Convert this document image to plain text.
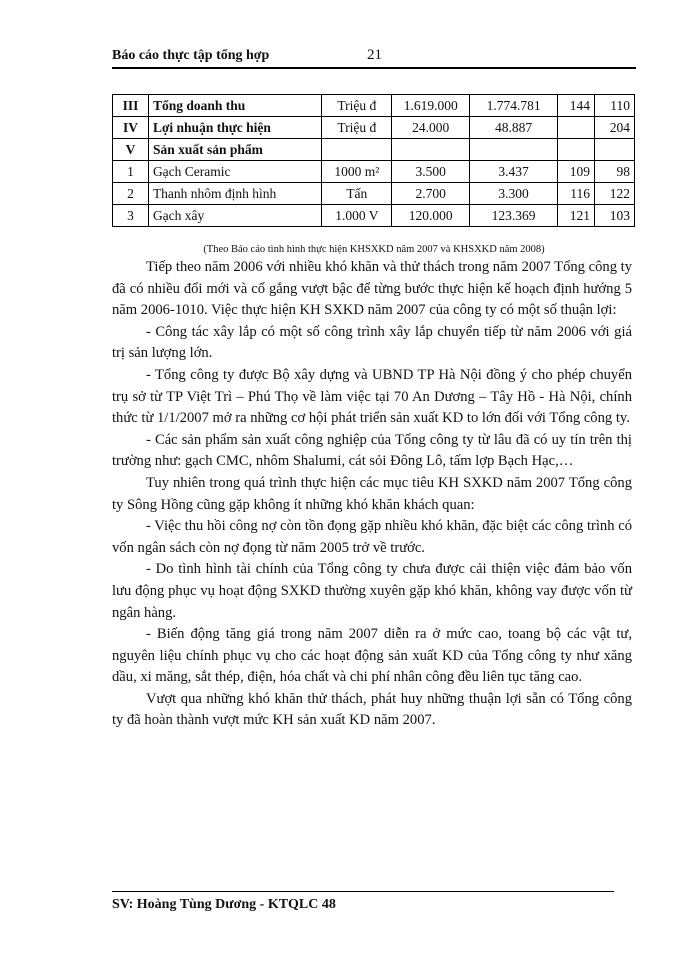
Báo cáo thực tập tổng hợp	21
III	Tổng doanh thu	Triệu đ	1.619.000	1.774.781	144	110
IV	Lợi nhuận thực hiện	Triệu đ	24.000	48.887		204
V	Sản xuất sản phẩm					
1	Gạch Ceramic	1000 m²	3.500	3.437	109	98
2	Thanh nhôm định hình	Tấn	2.700	3.300	116	122
3	Gạch xây	1.000 V	120.000	123.369	121	103
(Theo Báo cáo tình hình thực hiện KHSXKD năm 2007 và KHSXKD năm 2008)

Tiếp theo năm 2006 với nhiều khó khăn và thử thách trong năm 2007 Tổng công ty đã có nhiều đổi mới và cố gắng vượt bậc để từng bước thực hiện kế hoạch định hướng 5 năm 2006-1010. Việc thực hiện KH SXKD năm 2007 của công ty có một số thuận lợi:

- Công tác xây lắp có một số công trình xây lắp chuyển tiếp từ năm 2006 với giá trị sản lượng lớn.

- Tổng công ty được Bộ xây dựng và UBND TP Hà Nội đồng ý cho phép chuyển trụ sở từ TP Việt Trì – Phú Thọ về làm việc tại 70 An Dương – Tây Hồ - Hà Nội, chính thức từ 1/1/2007 mở ra những cơ hội phát triển sản xuất KD to lớn đối với Tổng công ty.

- Các sản phẩm sản xuất công nghiệp của Tổng công ty từ lâu đã có uy tín trên thị trường như: gạch CMC, nhôm Shalumi, cát sỏi Đông Lô, tấm lợp Bạch Hạc,…

Tuy nhiên trong quá trình thực hiện các mục tiêu KH SXKD năm 2007 Tổng công ty Sông Hồng cũng gặp không ít những khó khăn khách quan:

- Việc thu hồi công nợ còn tồn đọng gặp nhiều khó khăn, đặc biệt các công trình có vốn ngân sách còn nợ đọng từ năm 2005 trở về trước.

- Do tình hình tài chính của Tổng công ty chưa được cải thiện việc đảm bảo vốn lưu động phục vụ hoạt động SXKD thường xuyên gặp khó khăn, không vay được vốn từ ngân hàng.

- Biến động tăng giá trong năm 2007 diễn ra ở mức cao, toang bộ các vật tư, nguyên liệu chính phục vụ cho các hoạt động sản xuất KD của Tổng công ty như xăng dầu, xi măng, sắt thép, điện, hóa chất và chi phí nhân công đều liên tục tăng cao.

Vượt qua những khó khăn thử thách, phát huy những thuận lợi sẵn có Tổng công ty đã hoàn thành vượt mức KH sản xuất KD năm 2007.

SV: Hoàng Tùng Dương - KTQLC 48
